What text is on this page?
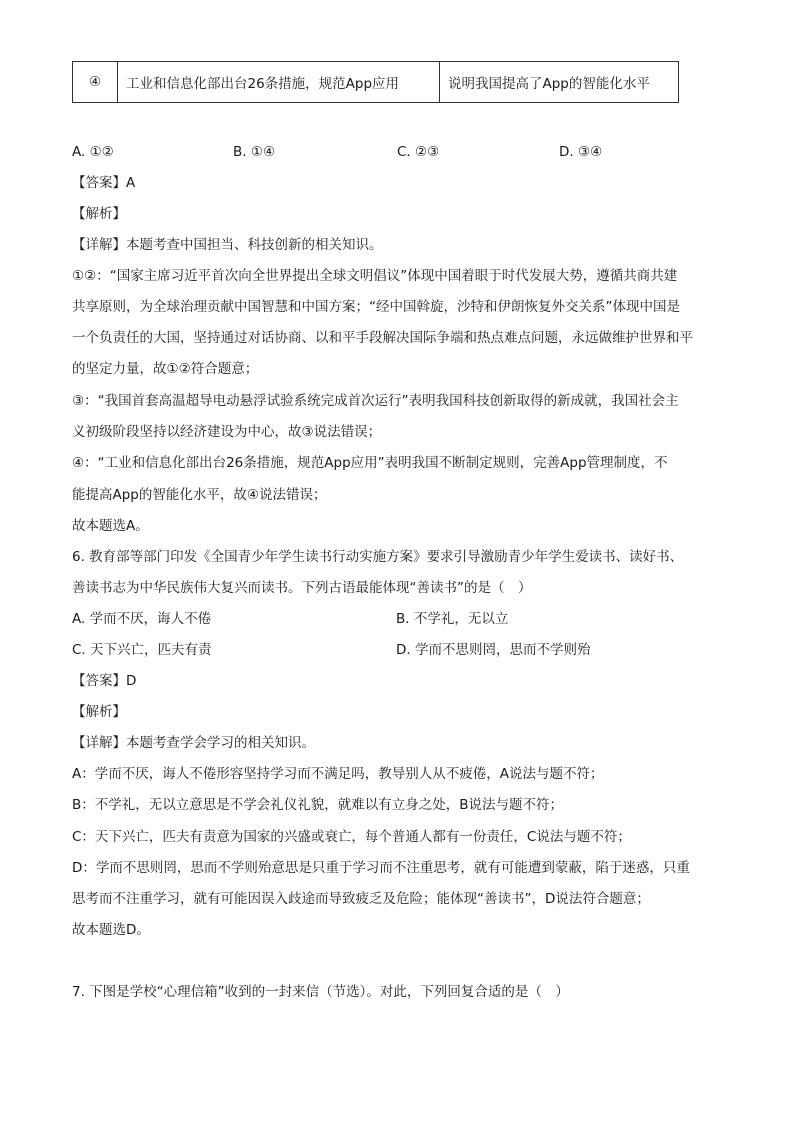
④	工业和信息化部出台26条措施，规范App应用	说明我国提高了App的智能化水平
A. ①②	B. ①④	C. ②③	D. ③④
【答案】A
【解析】
【详解】本题考查中国担当、科技创新的相关知识。
①②：“国家主席习近平首次向全世界提出全球文明倡议”体现中国着眼于时代发展大势，遵循共商共建
共享原则，为全球治理贡献中国智慧和中国方案；“经中国斡旋，沙特和伊朗恢复外交关系”体现中国是
一个负责任的大国，坚持通过对话协商、以和平手段解决国际争端和热点难点问题，永远做维护世界和平
的坚定力量，故①②符合题意；
③：“我国首套高温超导电动悬浮试验系统完成首次运行”表明我国科技创新取得的新成就，我国社会主
义初级阶段坚持以经济建设为中心，故③说法错误；
④：“工业和信息化部出台26条措施，规范App应用”表明我国不断制定规则，完善App管理制度，不
能提高App的智能化水平，故④说法错误；
故本题选A。
6. 教育部等部门印发《全国青少年学生读书行动实施方案》要求引导激励青少年学生爱读书、读好书、
善读书志为中华民族伟大复兴而读书。下列古语最能体现“善读书”的是（　）
A. 学而不厌，诲人不倦	B. 不学礼，无以立
C. 天下兴亡，匹夫有责	D. 学而不思则罔，思而不学则殆
【答案】D
【解析】
【详解】本题考查学会学习的相关知识。
A：学而不厌，诲人不倦形容坚持学习而不满足吗，教导别人从不疲倦，A说法与题不符；
B：不学礼，无以立意思是不学会礼仪礼貌，就难以有立身之处，B说法与题不符；
C：天下兴亡，匹夫有责意为国家的兴盛或衰亡，每个普通人都有一份责任，C说法与题不符；
D：学而不思则罔，思而不学则殆意思是只重于学习而不注重思考，就有可能遭到蒙蔽，陷于迷惑，只重
思考而不注重学习，就有可能因误入歧途而导致疲乏及危险；能体现“善读书”，D说法符合题意；
故本题选D。
7. 下图是学校“心理信箱”收到的一封来信（节选）。对此，下列回复合适的是（　）
